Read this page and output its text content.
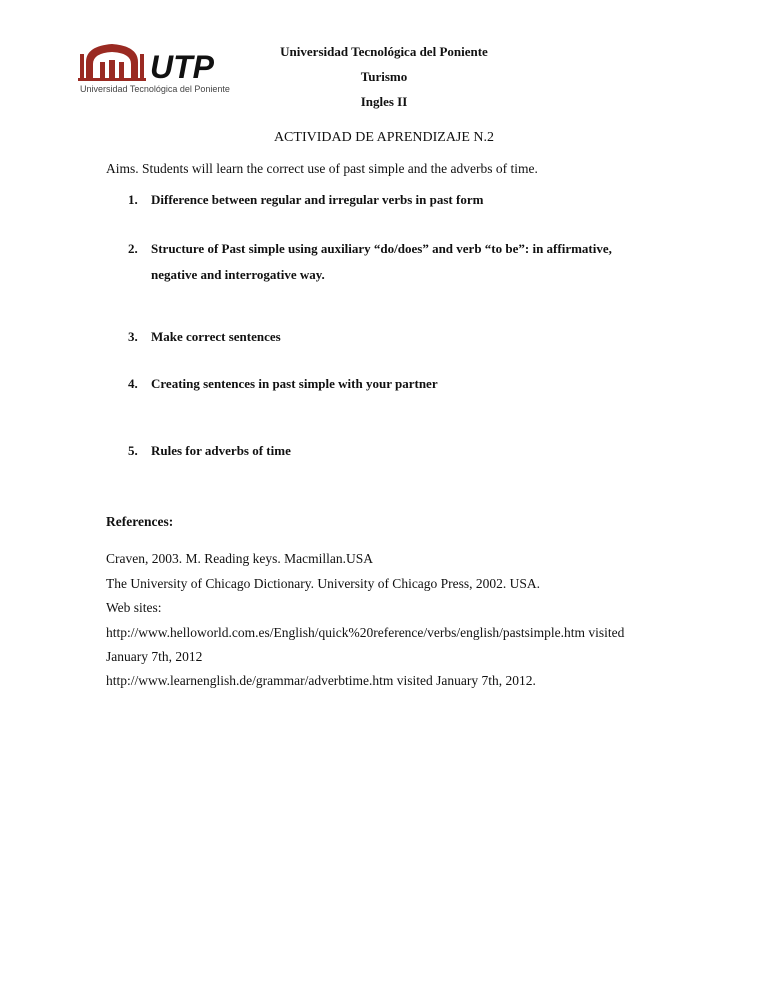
UTP
Universidad Tecnológica del Poniente
Universidad Tecnológica del Poniente
Turismo
Ingles II
ACTIVIDAD DE APRENDIZAJE N.2
Aims. Students will learn the correct use of past simple and the adverbs of time.
1. Difference between regular and irregular verbs in past form
2. Structure of Past simple using auxiliary “do/does” and verb “to be”: in affirmative,
negative and interrogative way.
3. Make correct sentences
4. Creating sentences in past simple with your partner
5. Rules for adverbs of time
References:
Craven, 2003. M. Reading keys. Macmillan.USA
The University of Chicago Dictionary. University of Chicago Press, 2002. USA.
Web sites:
http://www.helloworld.com.es/English/quick%20reference/verbs/english/pastsimple.htm visited
January 7th, 2012
http://www.learnenglish.de/grammar/adverbtime.htm visited January 7th, 2012.
